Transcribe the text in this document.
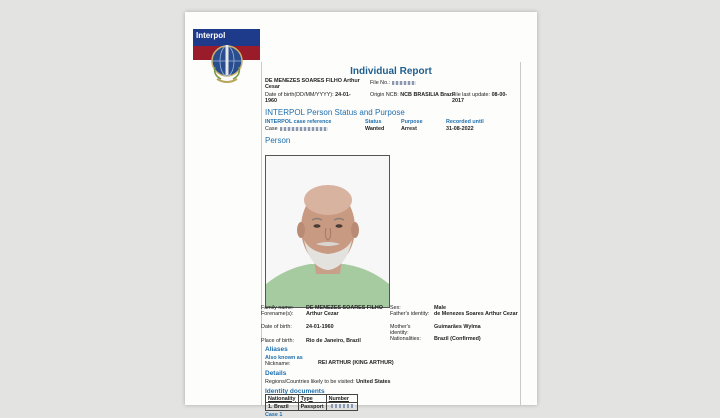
Interpol
Individual Report
DE MENEZES SOARES FILHO Arthur Cesar
File No.:
Date of birth(DD/MM/YYYY): 24-01-1960
Origin NCB: NCB BRASILIA Brazil
File last update: 08-00-2017
INTERPOL Person Status and Purpose
INTERPOL case reference	Status	Purpose	Recorded until
Case	Wanted	Arrest	31-08-2022
Person
Family name: DE MENEZES SOARES FILHO
Forename(s): Arthur Cezar
Date of birth:	24-01-1960
Place of birth: Rio de Janeiro, Brazil
Sex:	Male
Father's identity: de Menezes Soares Arthur Cezar
Mother's identity:
Guimarães Wylma
Nationalities: Brazil (Confirmed)
Aliases
Also known as
Nickname:	REI ARTHUR (KING ARTHUR)
Details
Regions/Countries likely to be visited: United States
Identity documents
Nationality	Type	Number
1. Brazil	Passport	
Case 1
